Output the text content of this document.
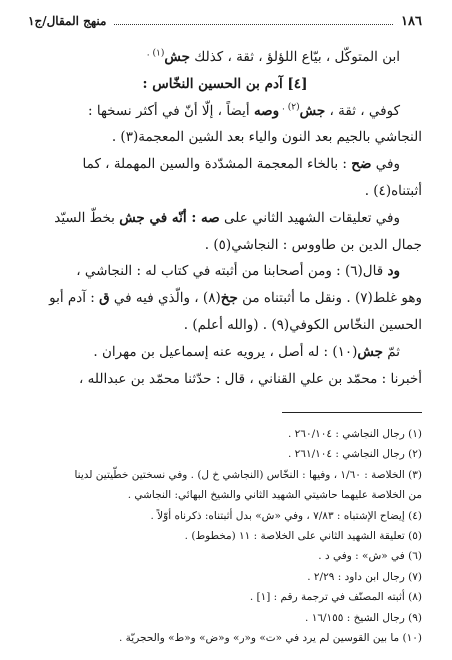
١٨٦
منهج المقال/ج١

ابن المتوكّل ، بيّاع اللؤلؤ ، ثقة ، كذلك جش$^{(١) .}$

[٤] آدم بن الحسين النخّاس :

كوفي ، ثقة ، جش$^{(٢) .}$ وصه أيضاً ، إلّا أنّ في أكثر نسخها :

النجاشي بالجيم بعد النون والياء بعد الشين المعجمة(٣) .

وفي ضح : بالخاء المعجمة المشدّدة والسين المهملة ، كما

أثبتناه(٤) .

وفي تعليقات الشهيد الثاني على صه : أنّه في جش بخطّ السيّد

جمال الدين بن طاووس : النجاشي(٥) .

ود قال(٦) : ومن أصحابنا من أثبته في كتاب له : النجاشي ،

وهو غلط(٧) . ونقل ما أثبتناه من جخ(٨) ، والّذي فيه في ق : آدم أبو

الحسين النخّاس الكوفي(٩) . (والله أعلم) .

ثمّ جش(١٠) : له أصل ، يرويه عنه إسماعيل بن مهران .

أخبرنا : محمّد بن علي القناني ، قال : حدّثنا محمّد بن عبدالله ،

(١) رجال النجاشي : ٢٦٠/١٠٤ .
(٢) رجال النجاشي : ٢٦١/١٠٤ .
(٣) الخلاصة : ١/٦٠ ، وفيها : النخّاس (النجاشي خ ل) . وفي نسختين خطّيتين لدينا
من الخلاصة عليهما حاشيتي الشهيد الثاني والشيخ البهائي: النجاشي .
(٤) إيضاح الإشتباه : ٧/٨٣ ، وفي «ش» بدل أثبتناه: ذكرناه أوّلاً .
(٥) تعليقة الشهيد الثاني على الخلاصة : ١١ (مخطوط) .
(٦) في «ش» : وفي د .
(٧) رجال ابن داود : ٢/٢٩ .
(٨) أثبته المصنّف في ترجمة رقم : [١] .
(٩) رجال الشيخ : ١٦/١٥٥ .
(١٠) ما بين القوسين لم يرد في «ت» و«ر» و«ض» و«ط» والحجريّة .
